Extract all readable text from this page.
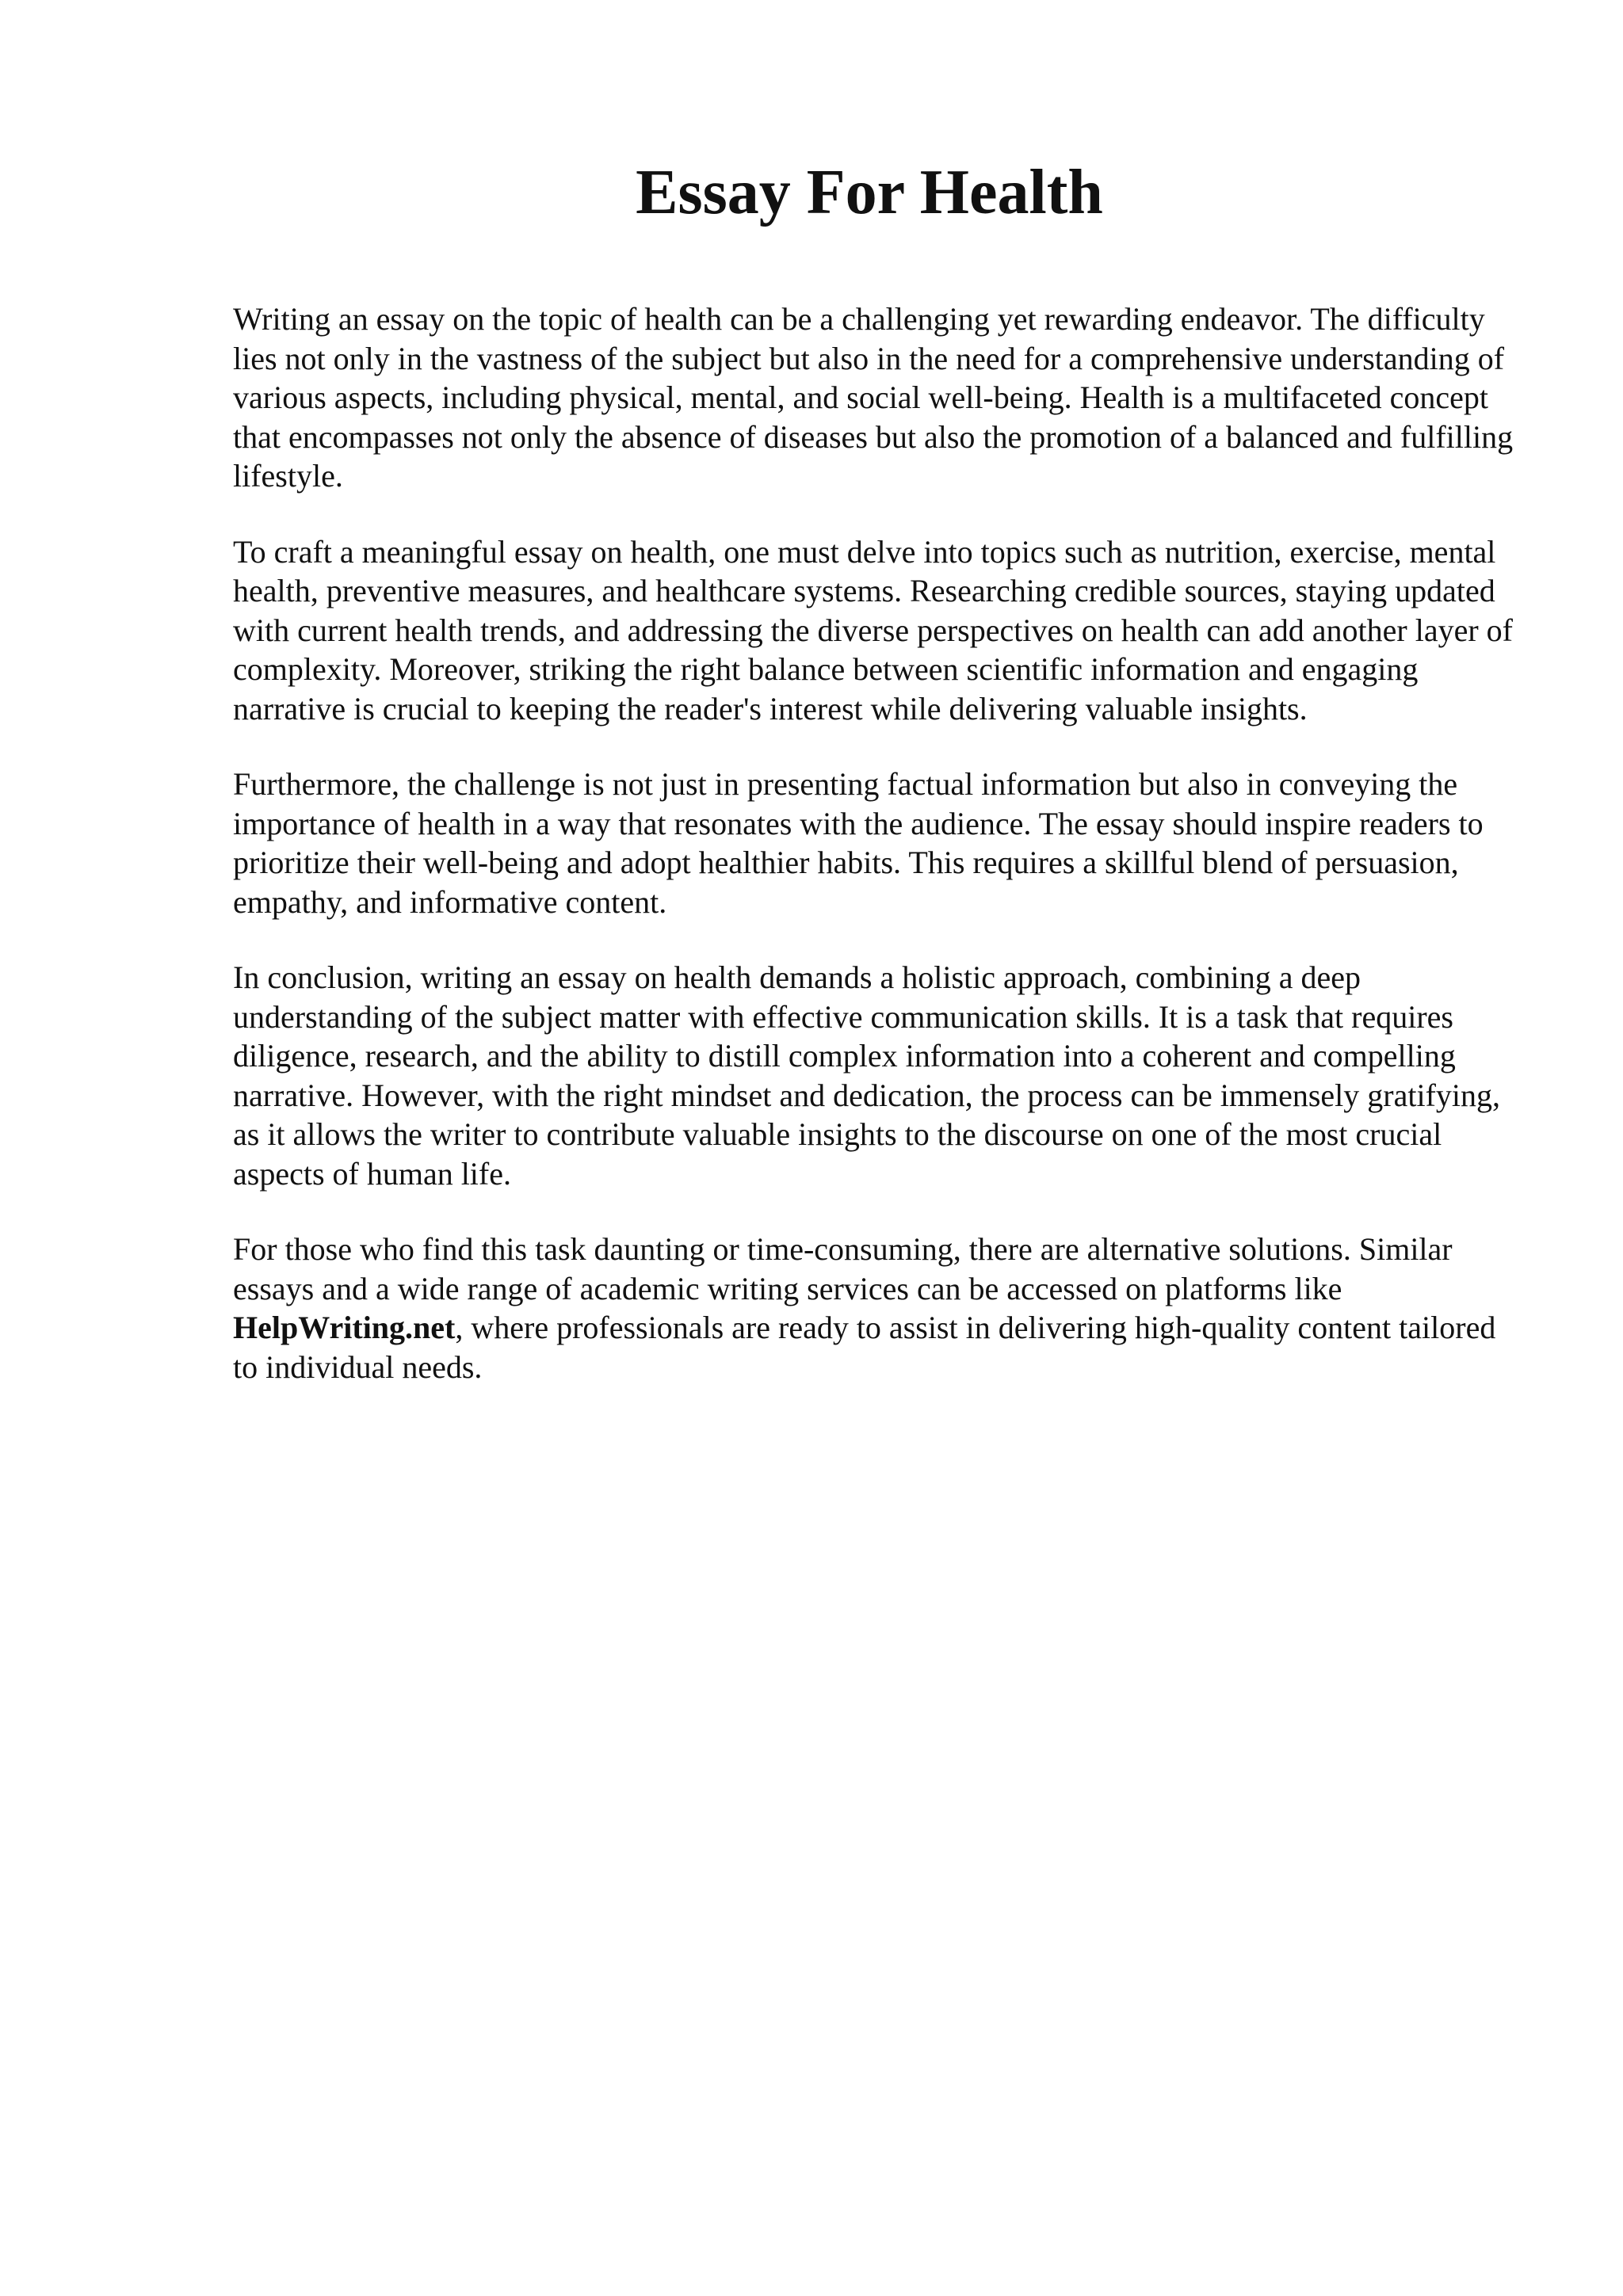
Essay For Health

Writing an essay on the topic of health can be a challenging yet rewarding endeavor. The difficulty lies not only in the vastness of the subject but also in the need for a comprehensive understanding of various aspects, including physical, mental, and social well-being. Health is a multifaceted concept that encompasses not only the absence of diseases but also the promotion of a balanced and fulfilling lifestyle.

To craft a meaningful essay on health, one must delve into topics such as nutrition, exercise, mental health, preventive measures, and healthcare systems. Researching credible sources, staying updated with current health trends, and addressing the diverse perspectives on health can add another layer of complexity. Moreover, striking the right balance between scientific information and engaging narrative is crucial to keeping the reader's interest while delivering valuable insights.

Furthermore, the challenge is not just in presenting factual information but also in conveying the importance of health in a way that resonates with the audience. The essay should inspire readers to prioritize their well-being and adopt healthier habits. This requires a skillful blend of persuasion, empathy, and informative content.

In conclusion, writing an essay on health demands a holistic approach, combining a deep understanding of the subject matter with effective communication skills. It is a task that requires diligence, research, and the ability to distill complex information into a coherent and compelling narrative. However, with the right mindset and dedication, the process can be immensely gratifying, as it allows the writer to contribute valuable insights to the discourse on one of the most crucial aspects of human life.

For those who find this task daunting or time-consuming, there are alternative solutions. Similar essays and a wide range of academic writing services can be accessed on platforms like HelpWriting.net, where professionals are ready to assist in delivering high-quality content tailored to individual needs.
